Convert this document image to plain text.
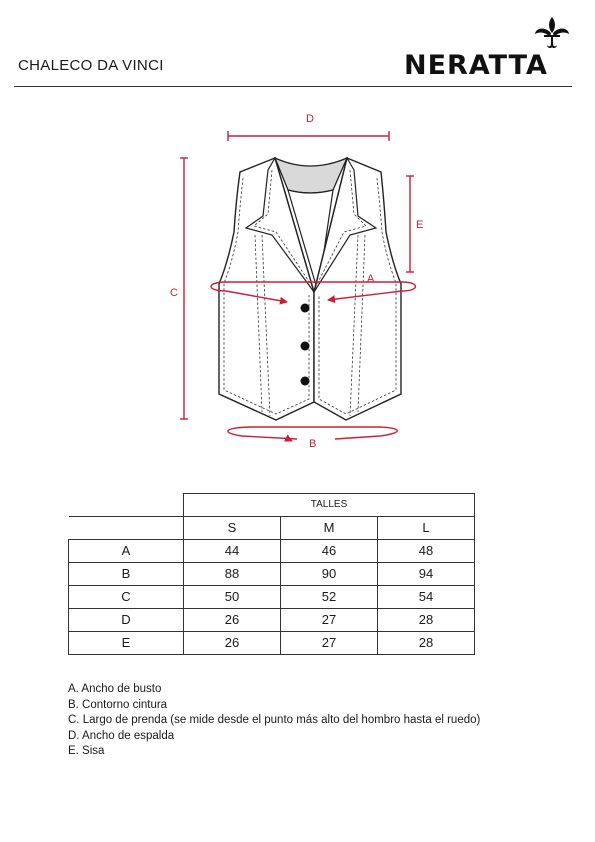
CHALECO DA VINCI	NERATTA
D
C
E
A
B
	TALLES		
	S	M	L
A	44	46	48
B	88	90	94
C	50	52	54
D	26	27	28
E	26	27	28
A. Ancho de busto
B. Contorno cintura
C. Largo de prenda (se mide desde el punto más alto del hombro hasta el ruedo)
D. Ancho de espalda
E. Sisa
